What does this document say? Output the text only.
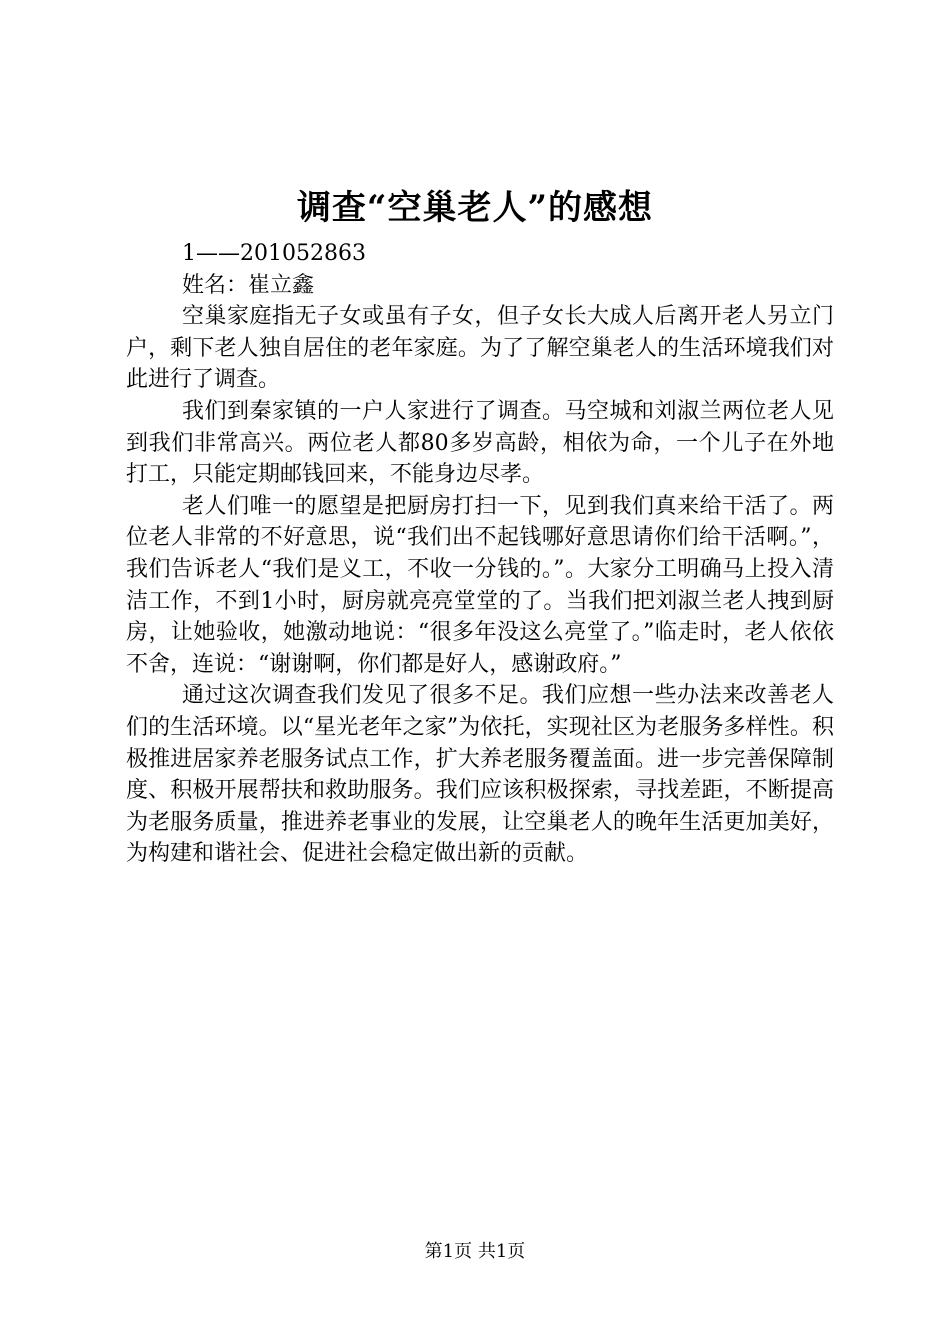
调查“空巢老人”的感想

1——201052863

姓名：崔立鑫

空巢家庭指无子女或虽有子女，但子女长大成人后离开老人另立门户，剩下老人独自居住的老年家庭。为了了解空巢老人的生活环境我们对此进行了调查。

我们到秦家镇的一户人家进行了调查。马空城和刘淑兰两位老人见到我们非常高兴。两位老人都80多岁高龄，相依为命，一个儿子在外地打工，只能定期邮钱回来，不能身边尽孝。

老人们唯一的愿望是把厨房打扫一下，见到我们真来给干活了。两位老人非常的不好意思，说“我们出不起钱哪好意思请你们给干活啊。”，我们告诉老人“我们是义工，不收一分钱的。”。大家分工明确马上投入清洁工作，不到1小时，厨房就亮亮堂堂的了。当我们把刘淑兰老人拽到厨房，让她验收，她激动地说：“很多年没这么亮堂了。”临走时，老人依依不舍，连说：“谢谢啊，你们都是好人，感谢政府。”

通过这次调查我们发见了很多不足。我们应想一些办法来改善老人们的生活环境。以“星光老年之家”为依托，实现社区为老服务多样性。积极推进居家养老服务试点工作，扩大养老服务覆盖面。进一步完善保障制度、积极开展帮扶和救助服务。我们应该积极探索，寻找差距，不断提高为老服务质量，推进养老事业的发展，让空巢老人的晚年生活更加美好，为构建和谐社会、促进社会稳定做出新的贡献。

第1页 共1页
